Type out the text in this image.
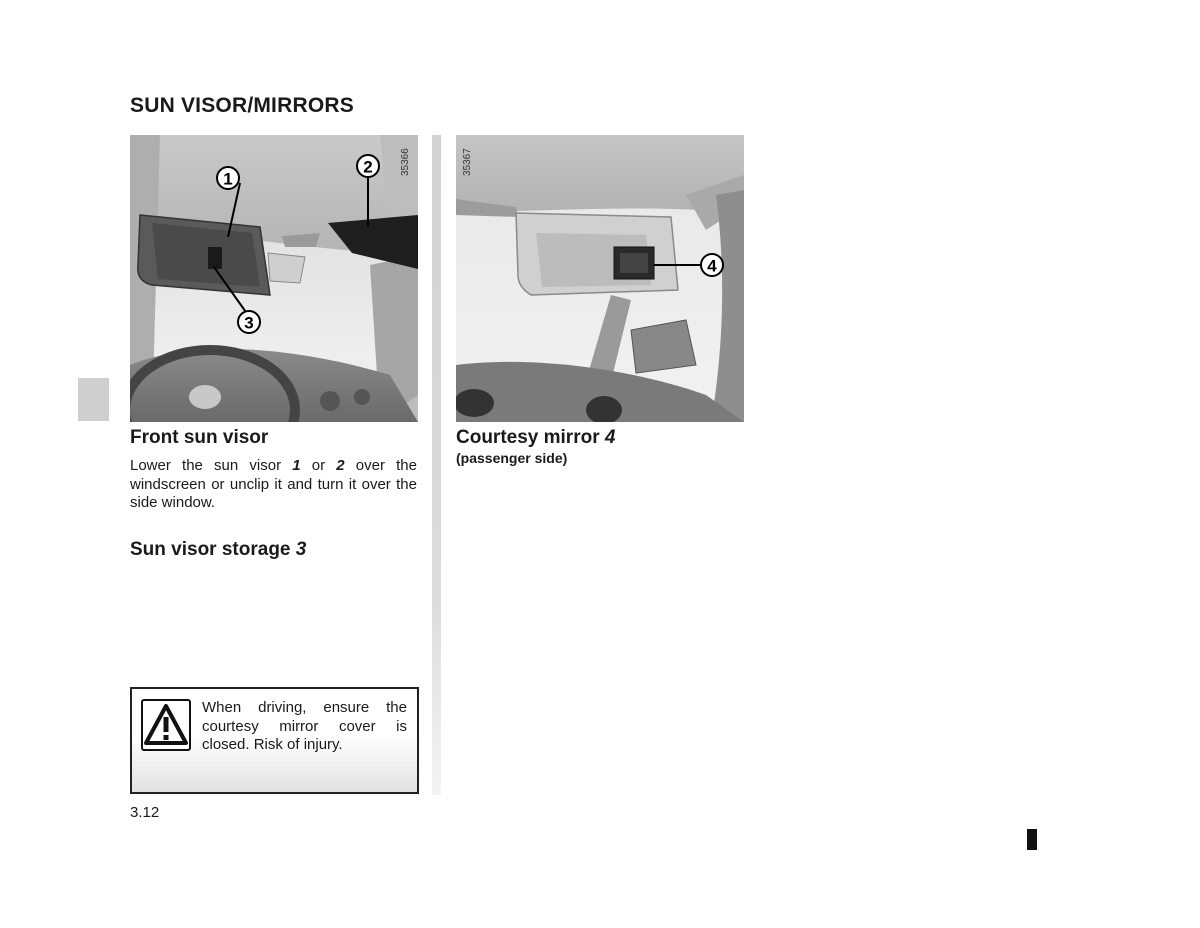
SUN VISOR/MIRRORS
1
2
3
35366
4
35367
Front sun visor
Lower the sun visor 1 or 2 over the windscreen or unclip it and turn it over the side window.
Sun visor storage 3
Courtesy mirror 4
(passenger side)
When driving, ensure the courtesy mirror cover is closed. Risk of injury.
3.12
